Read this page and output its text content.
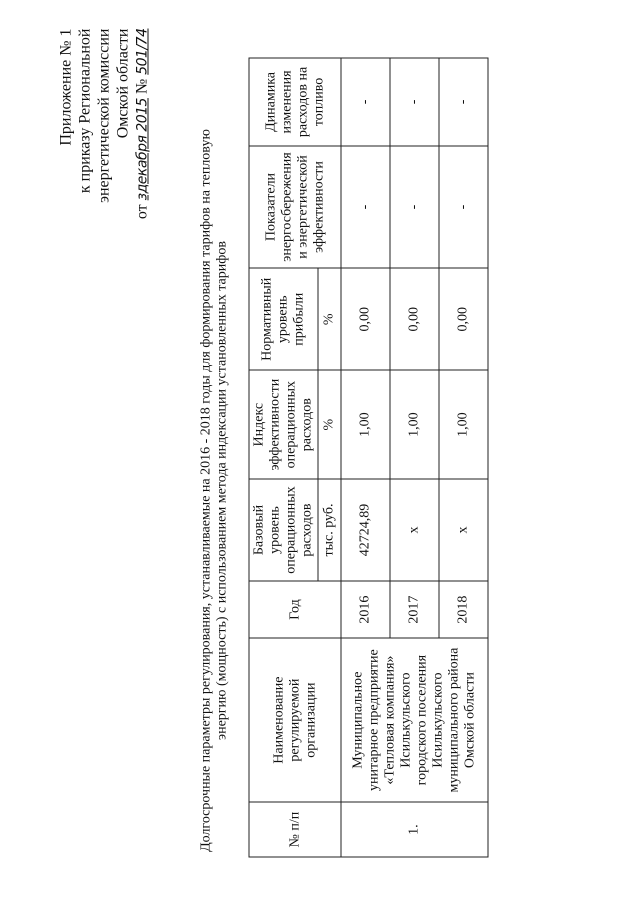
Приложение № 1 к приказу Региональной энергетической комиссии Омской области
от здекабря 2015 № 501/74
Долгосрочные параметры регулирования, устанавливаемые на 2016 - 2018 годы для формирования тарифов на тепловую энергию (мощность) с использованием метода индексации установленных тарифов
№ п/п	Наименование регулируемой организации	Год	Базовый уровень операционных расходов	Индекс эффективности операционных расходов	Нормативный уровень прибыли	Показатели энергосбережения и энергетической эффективности	Динамика изменения расходов на топливо
			тыс. руб.	%	%		
1.	Муниципальное унитарное предприятие «Тепловая компания» Исилькульского городского поселения Исилькульского муниципального района Омской области	2016	42724,89	1,00	0,00	-	-
		2017	х	1,00	0,00	-	-
		2018	х	1,00	0,00	-	-
